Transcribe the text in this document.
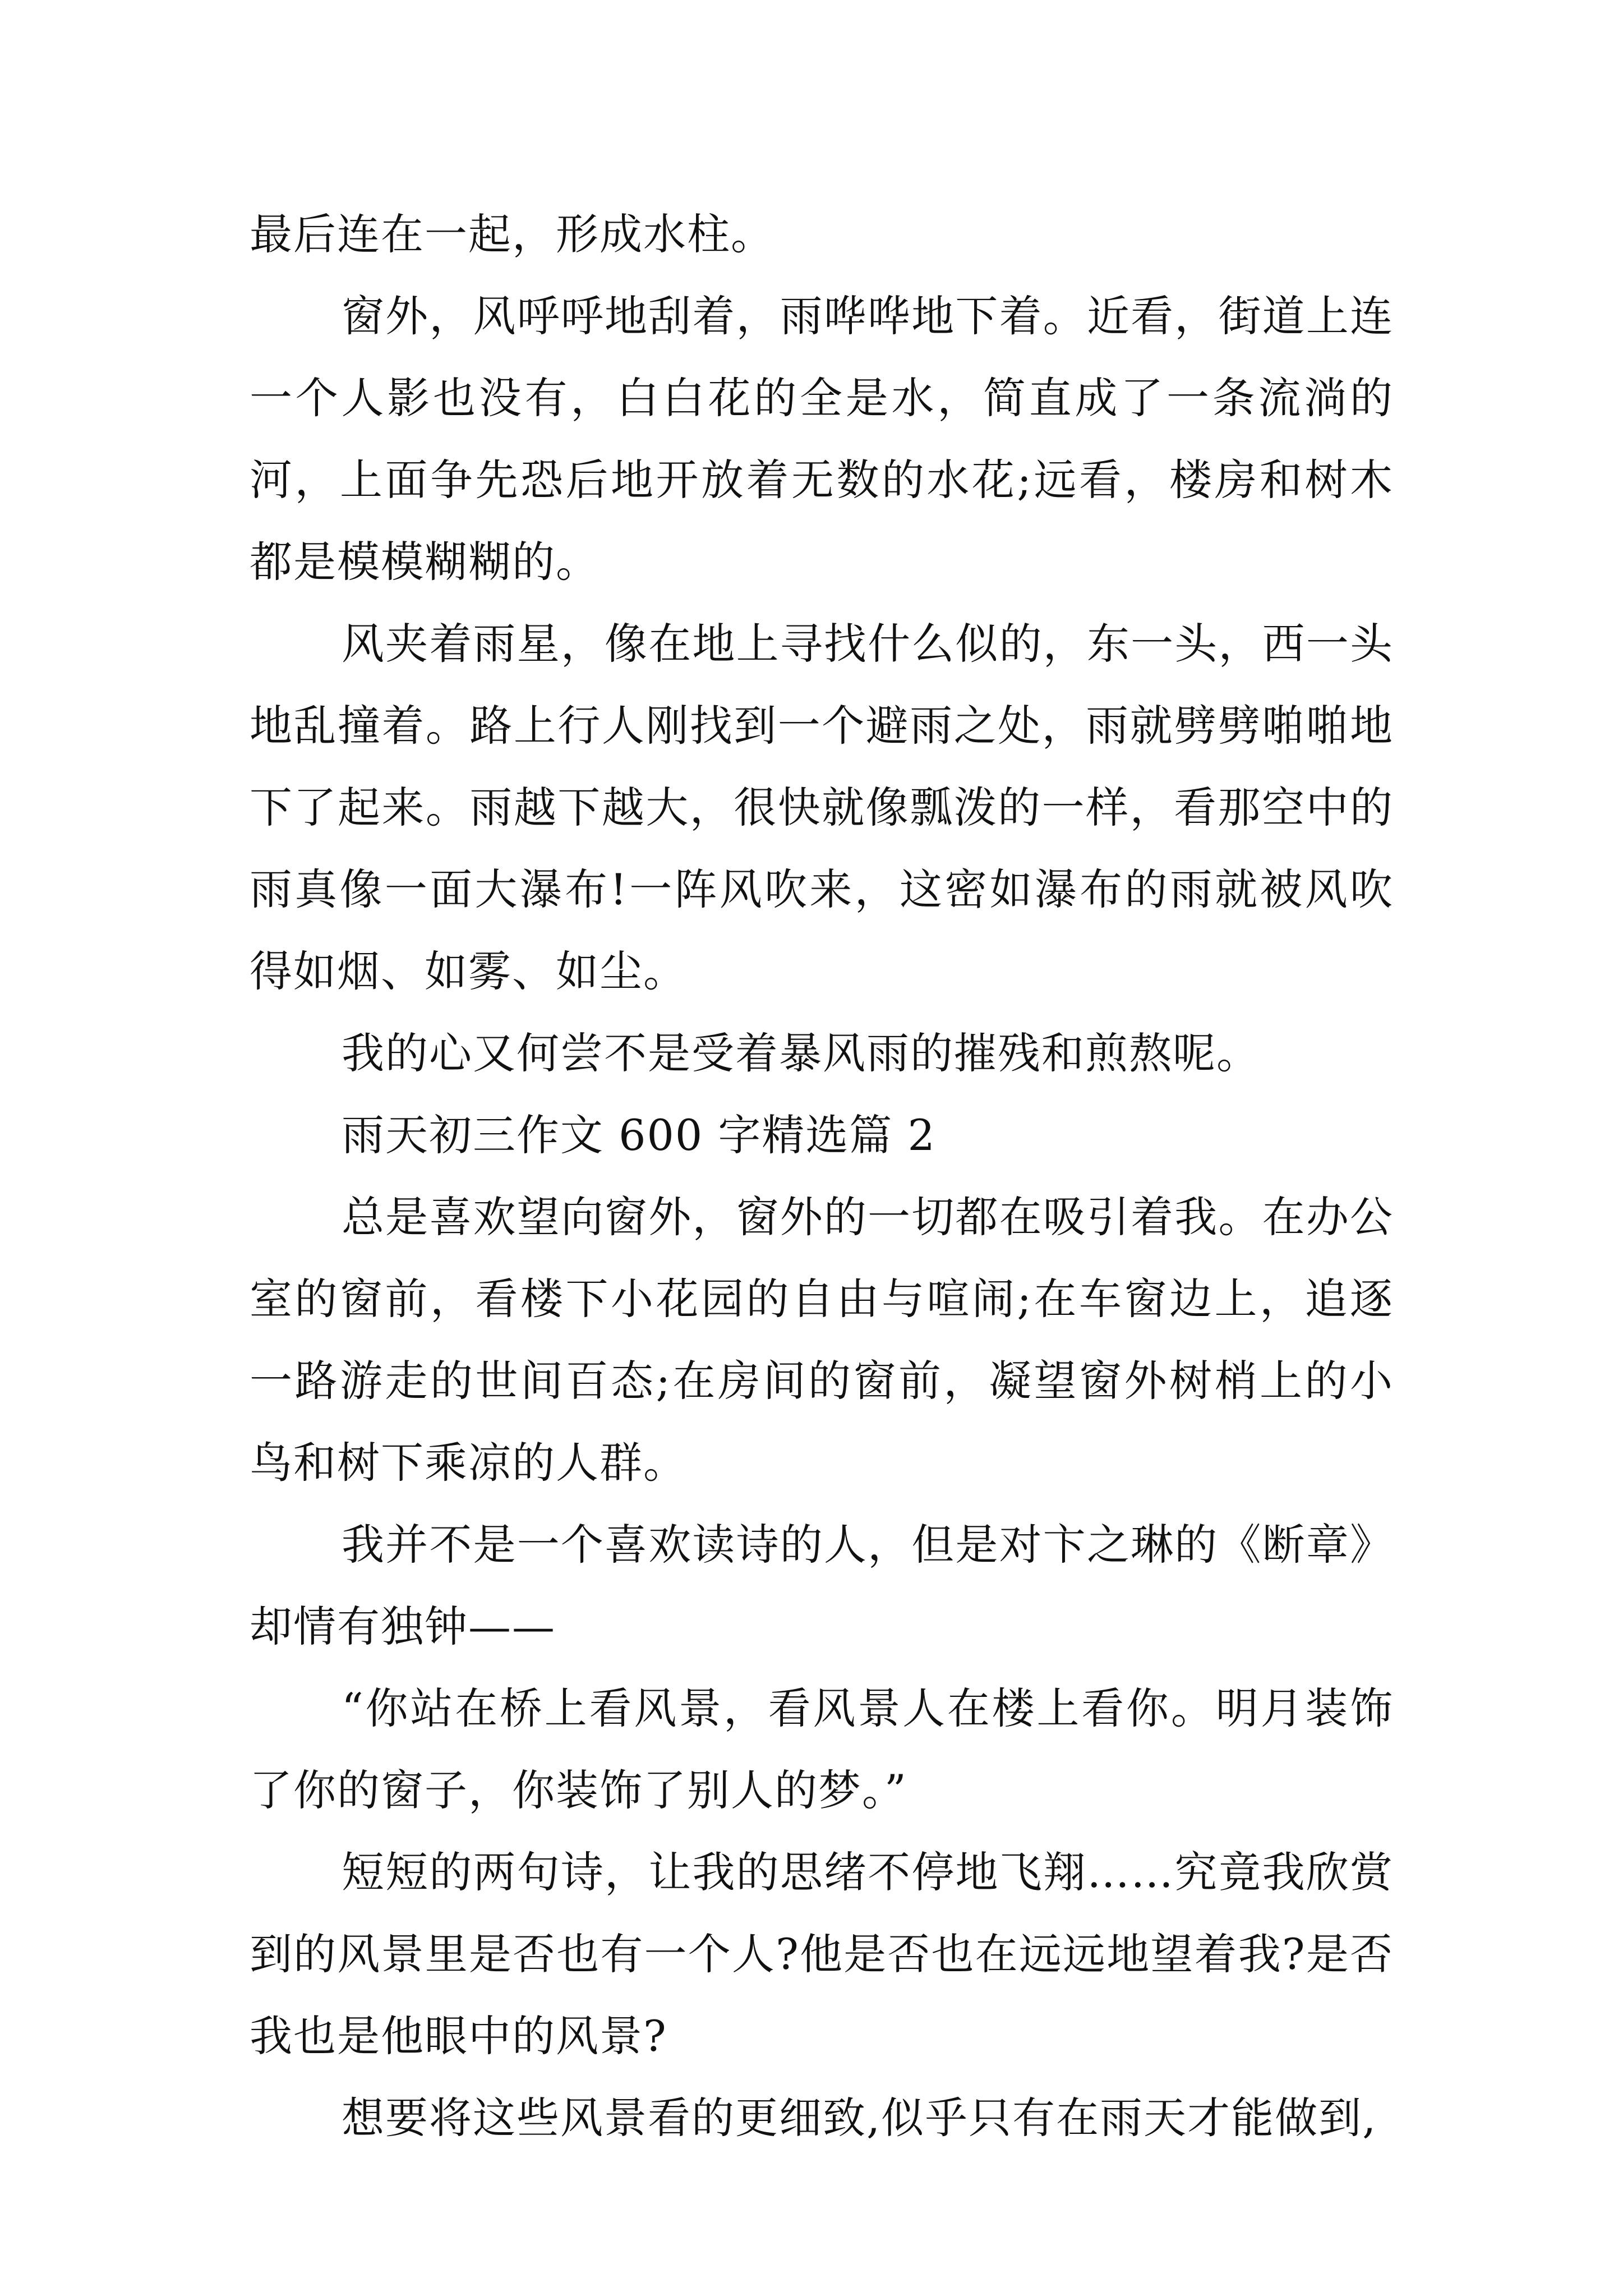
最后连在一起，形成水柱。

窗外，风呼呼地刮着，雨哗哗地下着。近看，街道上连一个人影也没有，白白花的全是水，简直成了一条流淌的河，上面争先恐后地开放着无数的水花;远看，楼房和树木都是模模糊糊的。

风夹着雨星，像在地上寻找什么似的，东一头，西一头地乱撞着。路上行人刚找到一个避雨之处，雨就劈劈啪啪地下了起来。雨越下越大，很快就像瓢泼的一样，看那空中的雨真像一面大瀑布!一阵风吹来，这密如瀑布的雨就被风吹得如烟、如雾、如尘。

我的心又何尝不是受着暴风雨的摧残和煎熬呢。

雨天初三作文 600 字精选篇 2

总是喜欢望向窗外，窗外的一切都在吸引着我。在办公室的窗前，看楼下小花园的自由与喧闹;在车窗边上，追逐一路游走的世间百态;在房间的窗前，凝望窗外树梢上的小鸟和树下乘凉的人群。

我并不是一个喜欢读诗的人，但是对卞之琳的《断章》却情有独钟——

“你站在桥上看风景，看风景人在楼上看你。明月装饰了你的窗子，你装饰了别人的梦。”

短短的两句诗，让我的思绪不停地飞翔……究竟我欣赏到的风景里是否也有一个人?他是否也在远远地望着我?是否我也是他眼中的风景?

想要将这些风景看的更细致,似乎只有在雨天才能做到,
